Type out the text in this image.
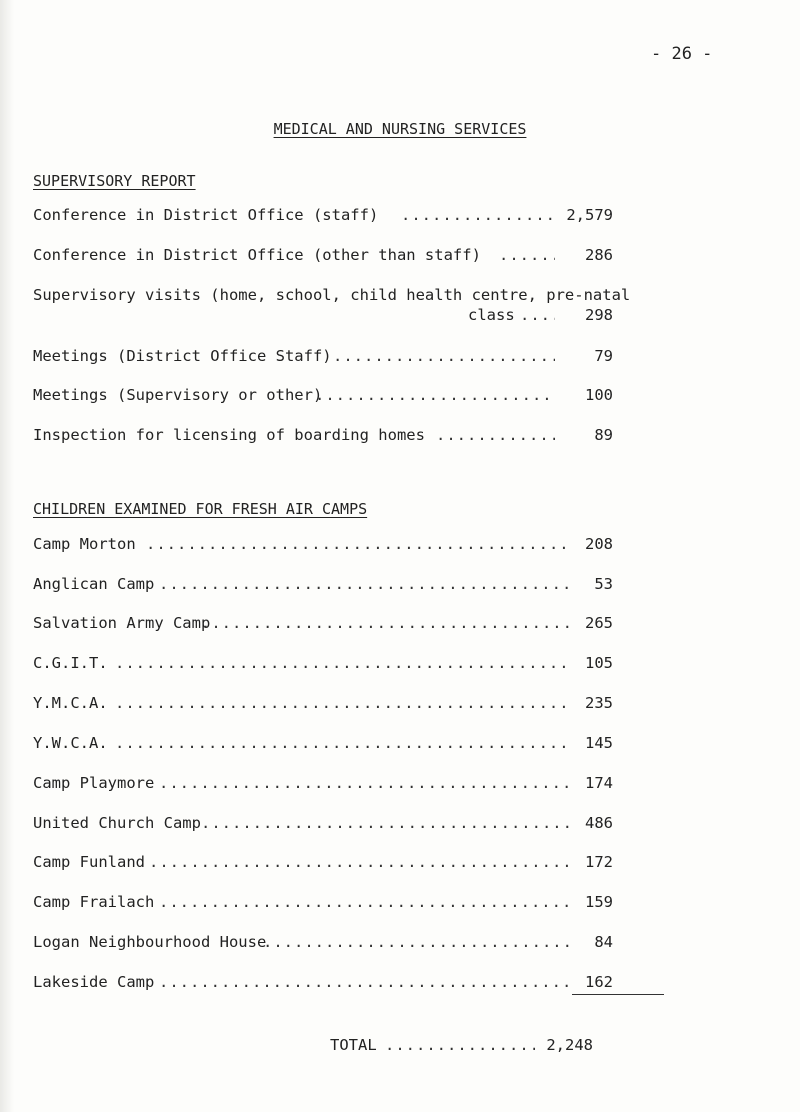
- 26 -
MEDICAL AND NURSING SERVICES
SUPERVISORY REPORT
Conference in District Office (staff) .....	2,579
Conference in District Office (other than staff) .....	286
Supervisory visits (home, school, child health centre, pre-natal
class .....	298
Meetings (District Office Staff) .....	79
Meetings (Supervisory or other) .....	100
Inspection for licensing of boarding homes .....	89
CHILDREN EXAMINED FOR FRESH AIR CAMPS
Camp Morton .....	208
Anglican Camp .....	53
Salvation Army Camp .....	265
C.G.I.T. .....	105
Y.M.C.A. .....	235
Y.W.C.A. .....	145
Camp Playmore .....	174
United Church Camp .....	486
Camp Funland .....	172
Camp Frailach .....	159
Logan Neighbourhood House .....	84
Lakeside Camp .....	162
TOTAL .....	2,248
